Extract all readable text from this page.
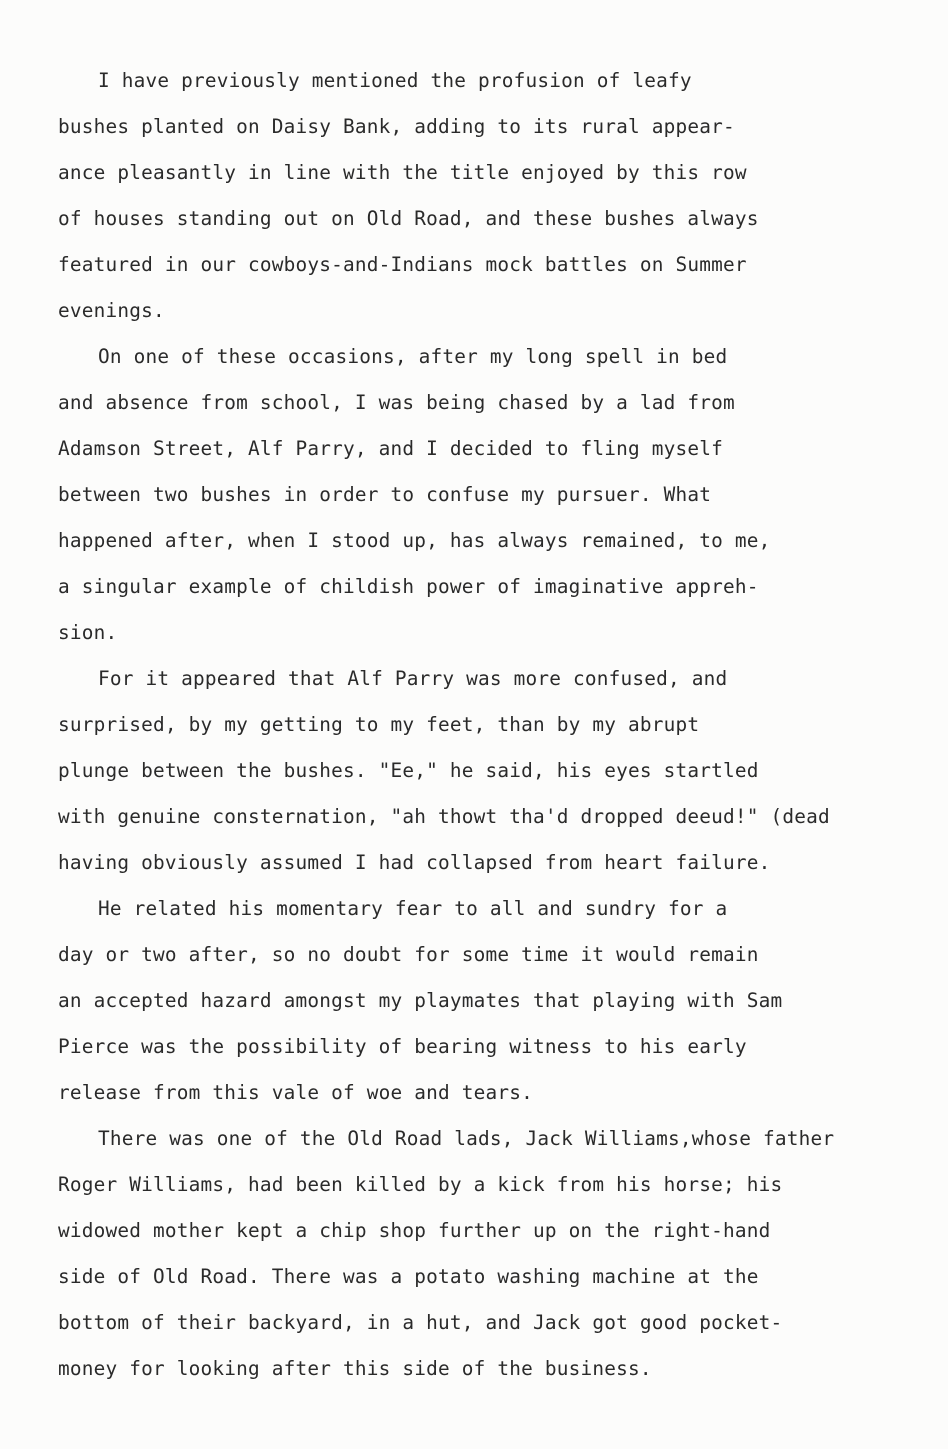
I have previously mentioned the profusion of leafy
bushes planted on Daisy Bank, adding to its rural appear-
ance pleasantly in line with the title enjoyed by this row
of houses standing out on Old Road, and these bushes always
featured in our cowboys-and-Indians mock battles on Summer
evenings.
On one of these occasions, after my long spell in bed
and absence from school, I was being chased by a lad from
Adamson Street, Alf Parry, and I decided to fling myself
between two bushes in order to confuse my pursuer. What
happened after, when I stood up, has always remained, to me,
a singular example of childish power of imaginative appreh-
sion.
For it appeared that Alf Parry was more confused, and
surprised, by my getting to my feet, than by my abrupt
plunge between the bushes. "Ee," he said, his eyes startled
with genuine consternation, "ah thowt tha'd dropped deeud!" (dead
having obviously assumed I had collapsed from heart failure.
He related his momentary fear to all and sundry for a
day or two after, so no doubt for some time it would remain
an accepted hazard amongst my playmates that playing with Sam
Pierce was the possibility of bearing witness to his early
release from this vale of woe and tears.
There was one of the Old Road lads, Jack Williams,whose father
Roger Williams, had been killed by a kick from his horse; his
widowed mother kept a chip shop further up on the right-hand
side of Old Road. There was a potato washing machine at the
bottom of their backyard, in a hut, and Jack got good pocket-
money for looking after this side of the business.
